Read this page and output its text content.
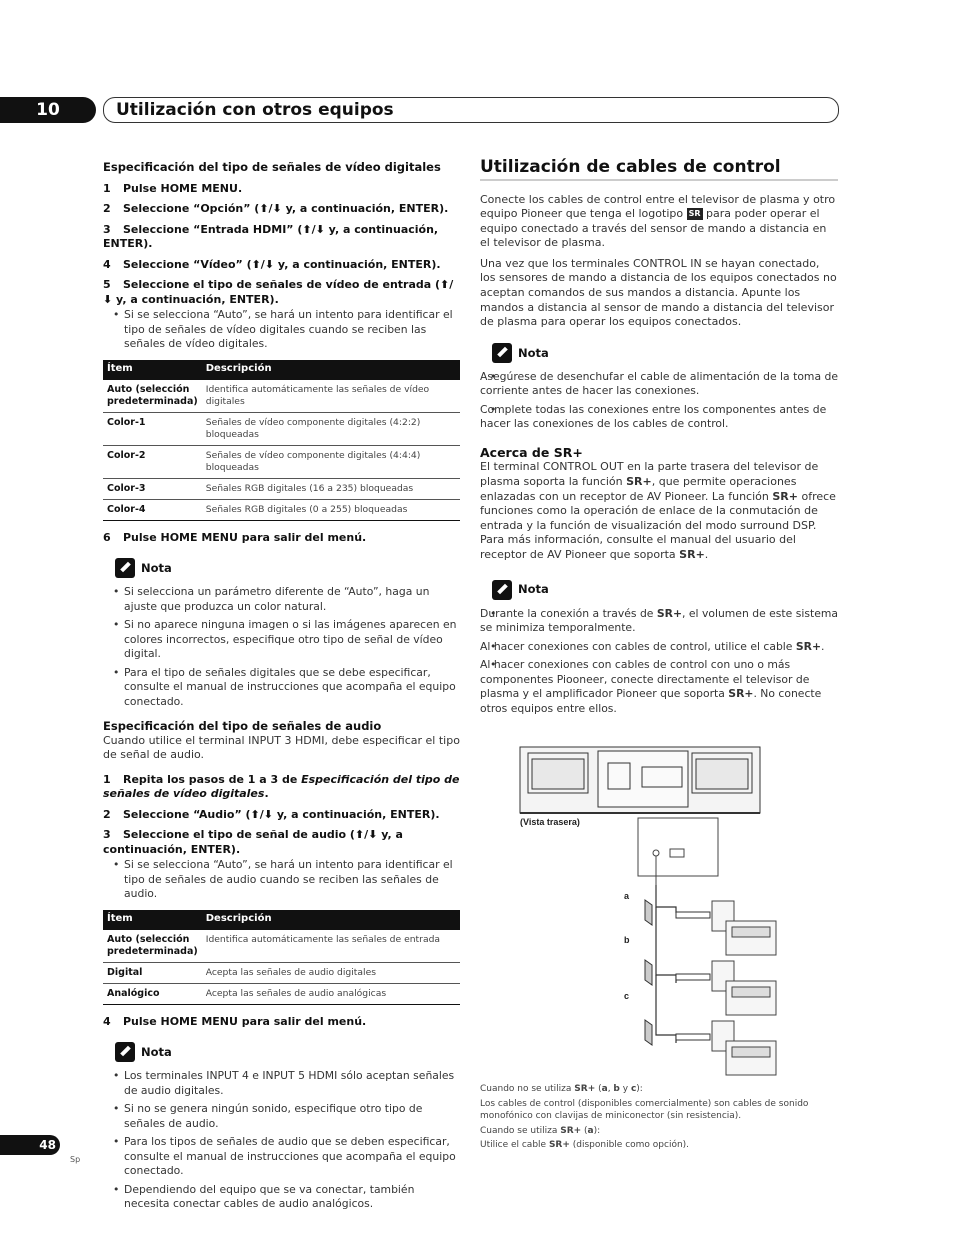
10	Utilización con otros equipos

Especificación del tipo de señales de vídeo digitales

1 Pulse HOME MENU.

2 Seleccione “Opción” (⬆/⬇ y, a continuación, ENTER).

3 Seleccione “Entrada HDMI” (⬆/⬇ y, a continuación, ENTER).

4 Seleccione “Vídeo” (⬆/⬇ y, a continuación, ENTER).

5 Seleccione el tipo de señales de vídeo de entrada (⬆/⬇ y, a continuación, ENTER).

• Si se selecciona “Auto”, se hará un intento para identificar el tipo de señales de vídeo digitales cuando se reciben las señales de vídeo digitales.

Ítem	Descripción
Auto (selección predeterminada)	Identifica automáticamente las señales de vídeo digitales
Color-1	Señales de vídeo componente digitales (4:2:2) bloqueadas
Color-2	Señales de vídeo componente digitales (4:4:4) bloqueadas
Color-3	Señales RGB digitales (16 a 235) bloqueadas
Color-4	Señales RGB digitales (0 a 255) bloqueadas

6 Pulse HOME MENU para salir del menú.

Nota

• Si selecciona un parámetro diferente de “Auto”, haga un ajuste que produzca un color natural.

• Si no aparece ninguna imagen o si las imágenes aparecen en colores incorrectos, especifique otro tipo de señal de vídeo digital.

• Para el tipo de señales digitales que se debe especificar, consulte el manual de instrucciones que acompaña el equipo conectado.

Especificación del tipo de señales de audio

Cuando utilice el terminal INPUT 3 HDMI, debe especificar el tipo de señal de audio.

1 Repita los pasos de 1 a 3 de Especificación del tipo de señales de vídeo digitales.

2 Seleccione “Audio” (⬆/⬇ y, a continuación, ENTER).

3 Seleccione el tipo de señal de audio (⬆/⬇ y, a continuación, ENTER).

• Si se selecciona “Auto”, se hará un intento para identificar el tipo de señales de audio cuando se reciben las señales de audio.

Ítem	Descripción
Auto (selección predeterminada)	Identifica automáticamente las señales de entrada
Digital	Acepta las señales de audio digitales
Analógico	Acepta las señales de audio analógicas

4 Pulse HOME MENU para salir del menú.

Nota

• Los terminales INPUT 4 e INPUT 5 HDMI sólo aceptan señales de audio digitales.

• Si no se genera ningún sonido, especifique otro tipo de señales de audio.

• Para los tipos de señales de audio que se deben especificar, consulte el manual de instrucciones que acompaña el equipo conectado.

• Dependiendo del equipo que se va conectar, también necesita conectar cables de audio analógicos.

Utilización de cables de control

Conecte los cables de control entre el televisor de plasma y otro equipo Pioneer que tenga el logotipo SR para poder operar el equipo conectado a través del sensor de mando a distancia en el televisor de plasma.

Una vez que los terminales CONTROL IN se hayan conectado, los sensores de mando a distancia de los equipos conectados no aceptan comandos de sus mandos a distancia. Apunte los mandos a distancia al sensor de mando a distancia del televisor de plasma para operar los equipos conectados.

Nota

• Asegúrese de desenchufar el cable de alimentación de la toma de corriente antes de hacer las conexiones.

• Complete todas las conexiones entre los componentes antes de hacer las conexiones de los cables de control.

Acerca de SR+

El terminal CONTROL OUT en la parte trasera del televisor de plasma soporta la función SR+, que permite operaciones enlazadas con un receptor de AV Pioneer. La función SR+ ofrece funciones como la operación de enlace de la conmutación de entrada y la función de visualización del modo surround DSP. Para más información, consulte el manual del usuario del receptor de AV Pioneer que soporta SR+.

Nota

• Durante la conexión a través de SR+, el volumen de este sistema se minimiza temporalmente.

• Al hacer conexiones con cables de control, utilice el cable SR+.

• Al hacer conexiones con cables de control con uno o más componentes Piooneer, conecte directamente el televisor de plasma y el amplificador Pioneer que soporta SR+. No conecte otros equipos entre ellos.

(Vista trasera)
a
b
c

Cuando no se utiliza SR+ (a, b y c):

Los cables de control (disponibles comercialmente) son cables de sonido monofónico con clavijas de miniconector (sin resistencia).

Cuando se utiliza SR+ (a):

Utilice el cable SR+ (disponible como opción).

48
Sp
